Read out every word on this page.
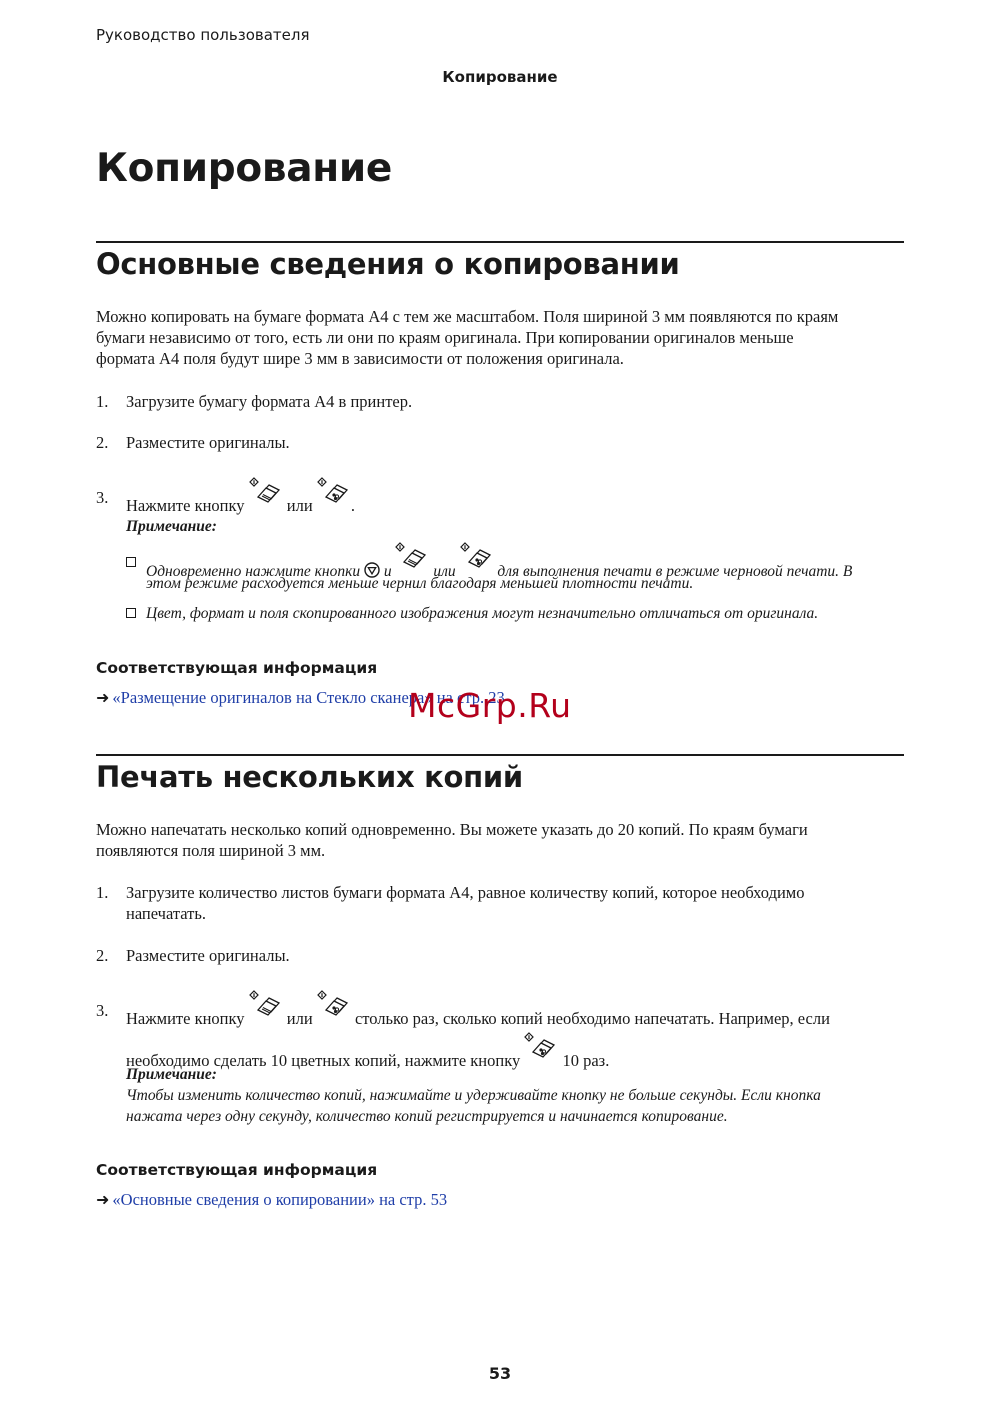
Руководство пользователя
Копирование
Копирование
Основные сведения о копировании
Можно копировать на бумаге формата A4 с тем же масштабом. Поля шириной 3 мм появляются по краям
бумаги независимо от того, есть ли они по краям оригинала. При копировании оригиналов меньше
формата A4 поля будут шире 3 мм в зависимости от положения оригинала.
1. Загрузите бумагу формата A4 в принтер.
2. Разместите оригиналы.
3. Нажмите кнопку	или .
Примечание:
Одновременно нажмите кнопки и	или	для выполнения печати в режиме черновой печати. В
этом режиме расходуется меньше чернил благодаря меньшей плотности печати.
Цвет, формат и поля скопированного изображения могут незначительно отличаться от оригинала.
Соответствующая информация
➜ «Размещение оригиналов на Стекло сканера» на стр. 23
McGrp.Ru
Печать нескольких копий
Можно напечатать несколько копий одновременно. Вы можете указать до 20 копий. По краям бумаги
появляются поля шириной 3 мм.
1. Загрузите количество листов бумаги формата A4, равное количеству копий, которое необходимо
напечатать.
2. Разместите оригиналы.
3. Нажмите кнопку	или	столько раз, сколько копий необходимо напечатать. Например, если
необходимо сделать 10 цветных копий, нажмите кнопку	10 раз.
Примечание:
Чтобы изменить количество копий, нажимайте и удерживайте кнопку не больше секунды. Если кнопка
нажата через одну секунду, количество копий регистрируется и начинается копирование.
Соответствующая информация
➜ «Основные сведения о копировании» на стр. 53
53
